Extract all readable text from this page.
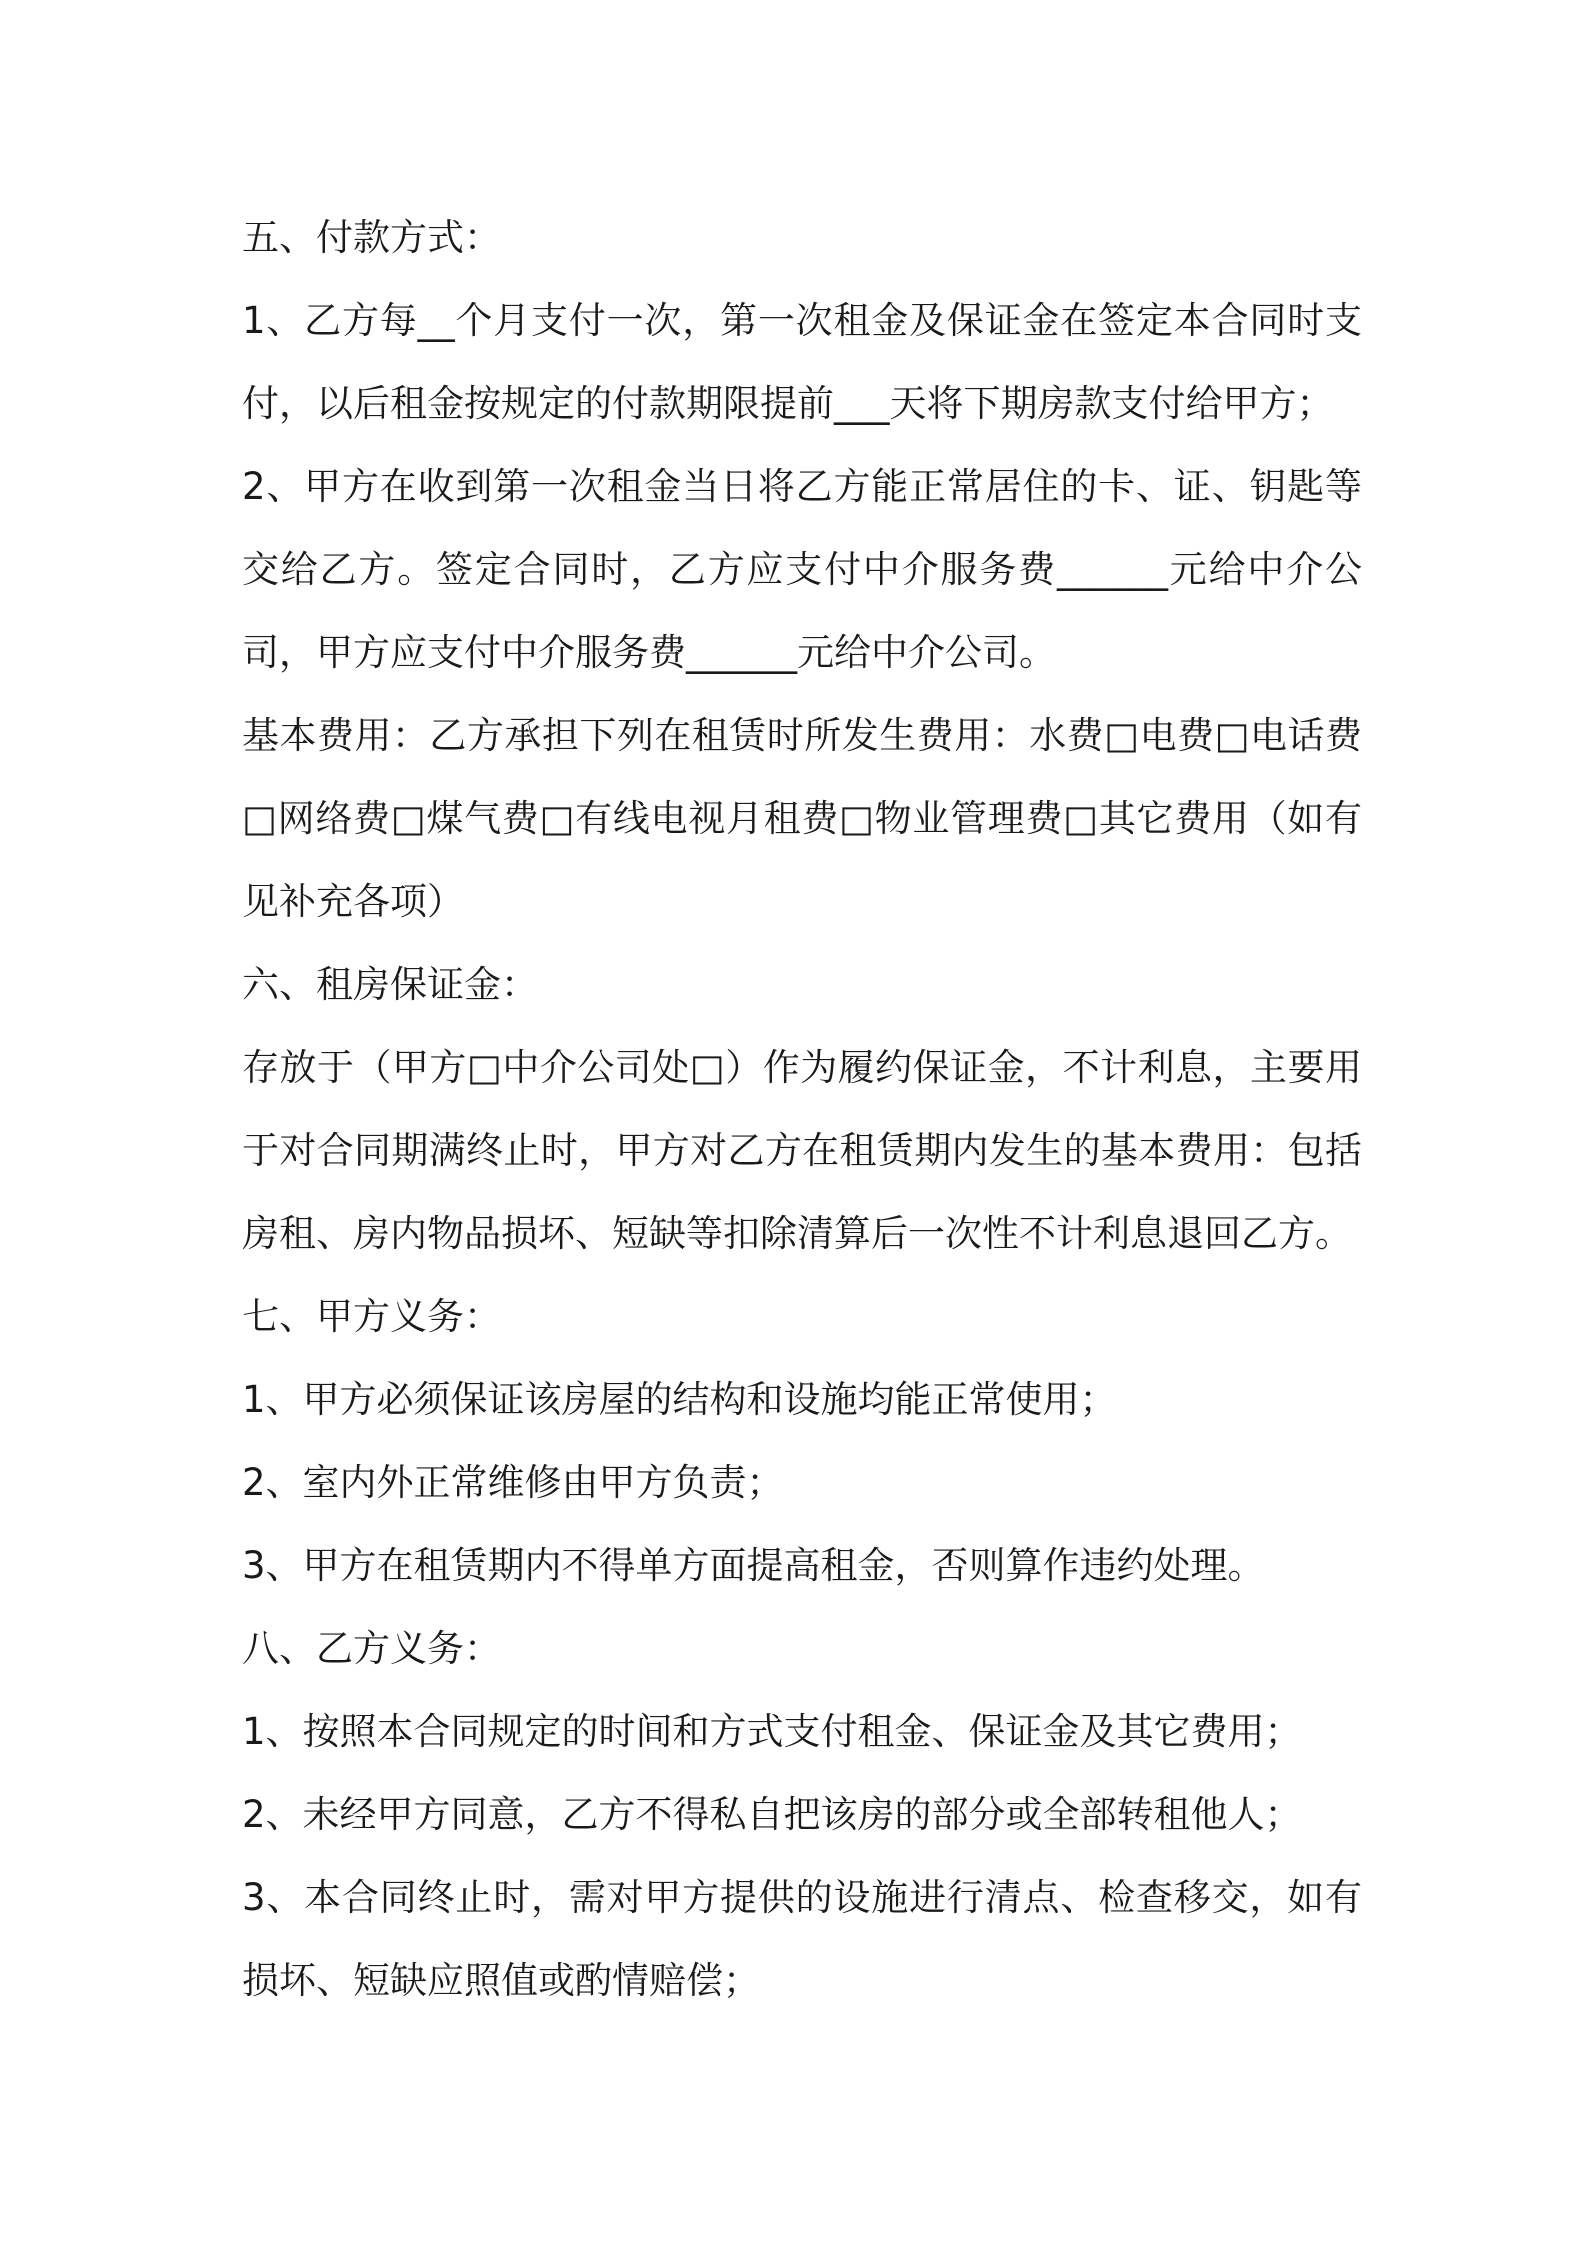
五、付款方式：

1、乙方每__个月支付一次，第一次租金及保证金在签定本合同时支付，以后租金按规定的付款期限提前___天将下期房款支付给甲方；

2、甲方在收到第一次租金当日将乙方能正常居住的卡、证、钥匙等交给乙方。签定合同时，乙方应支付中介服务费______元给中介公司，甲方应支付中介服务费______元给中介公司。

基本费用：乙方承担下列在租赁时所发生费用：水费□电费□电话费□网络费□煤气费□有线电视月租费□物业管理费□其它费用（如有见补充各项）

六、租房保证金：

存放于（甲方□中介公司处□）作为履约保证金，不计利息，主要用于对合同期满终止时，甲方对乙方在租赁期内发生的基本费用：包括房租、房内物品损坏、短缺等扣除清算后一次性不计利息退回乙方。

七、甲方义务：

1、甲方必须保证该房屋的结构和设施均能正常使用；

2、室内外正常维修由甲方负责；

3、甲方在租赁期内不得单方面提高租金，否则算作违约处理。

八、乙方义务：

1、按照本合同规定的时间和方式支付租金、保证金及其它费用；

2、未经甲方同意，乙方不得私自把该房的部分或全部转租他人；

3、本合同终止时，需对甲方提供的设施进行清点、检查移交，如有损坏、短缺应照值或酌情赔偿；
